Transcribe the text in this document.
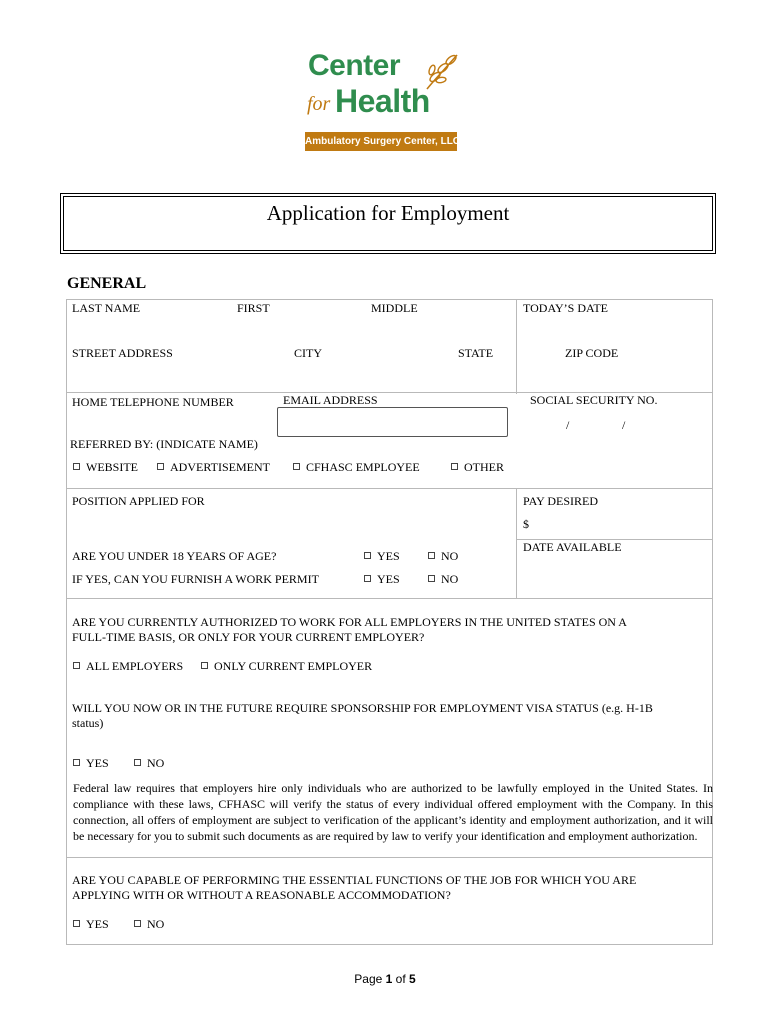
Center
for Health
Ambulatory Surgery Center, LLC
Application for Employment
GENERAL
LAST NAME	FIRST	MIDDLE	TODAY’S DATE
STREET ADDRESS	CITY	STATE	ZIP CODE
HOME TELEPHONE NUMBER	EMAIL ADDRESS	SOCIAL SECURITY NO.
/	/
REFERRED BY: (INDICATE NAME)
WEBSITE	ADVERTISEMENT	CFHASC EMPLOYEE	OTHER
POSITION APPLIED FOR	PAY DESIRED
$
DATE AVAILABLE
ARE YOU UNDER 18 YEARS OF AGE?	YES	NO
IF YES, CAN YOU FURNISH A WORK PERMIT	YES	NO
ARE YOU CURRENTLY AUTHORIZED TO WORK FOR ALL EMPLOYERS IN THE UNITED STATES ON A
FULL-TIME BASIS, OR ONLY FOR YOUR CURRENT EMPLOYER?
ALL EMPLOYERS	ONLY CURRENT EMPLOYER
WILL YOU NOW OR IN THE FUTURE REQUIRE SPONSORSHIP FOR EMPLOYMENT VISA STATUS (e.g. H-1B
status)
YES	NO
Federal law requires that employers hire only individuals who are authorized to be lawfully employed in the United States. In compliance with these laws, CFHASC will verify the status of every individual offered employment with the Company. In this connection, all offers of employment are subject to verification of the applicant’s identity and employment authorization, and it will be necessary for you to submit such documents as are required by law to verify your identification and employment authorization.
ARE YOU CAPABLE OF PERFORMING THE ESSENTIAL FUNCTIONS OF THE JOB FOR WHICH YOU ARE
APPLYING WITH OR WITHOUT A REASONABLE ACCOMMODATION?
YES	NO
Page 1 of 5
